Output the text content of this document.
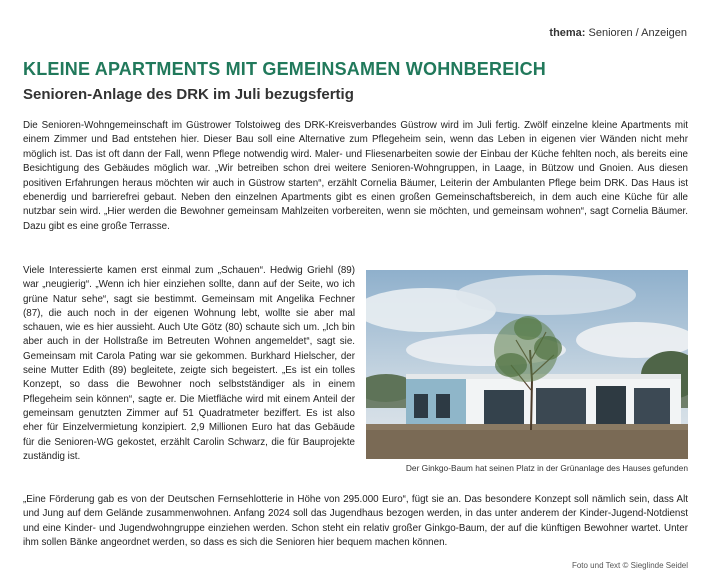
thema: Senioren / Anzeigen
KLEINE APARTMENTS MIT GEMEINSAMEN WOHNBEREICH
Senioren-Anlage des DRK im Juli bezugsfertig

Die Senioren-Wohngemeinschaft im Güstrower Tolstoiweg des DRK-Kreisverbandes Güstrow wird im Juli fertig. Zwölf einzelne kleine Apartments mit einem Zimmer und Bad entstehen hier. Dieser Bau soll eine Alternative zum Pflegeheim sein, wenn das Leben in eigenen vier Wänden nicht mehr möglich ist. Das ist oft dann der Fall, wenn Pflege notwendig wird. Maler- und Fliesenarbeiten sowie der Einbau der Küche fehlten noch, als bereits eine Besichtigung des Gebäudes möglich war. „Wir betreiben schon drei weitere Senioren-Wohngruppen, in Laage, in Bützow und Gnoien. Aus diesen positiven Erfahrungen heraus möchten wir auch in Güstrow starten“, erzählt Cornelia Bäumer, Leiterin der Ambulanten Pflege beim DRK. Das Haus ist ebenerdig und barrierefrei gebaut. Neben den einzelnen Apartments gibt es einen großen Gemeinschaftsbereich, in dem auch eine Küche für alle nutzbar sein wird. „Hier werden die Bewohner gemeinsam Mahlzeiten vorbereiten, wenn sie möchten, und gemeinsam wohnen“, sagt Cornelia Bäumer. Dazu gibt es eine große Terrasse.

Viele Interessierte kamen erst einmal zum „Schauen“. Hedwig Griehl (89) war „neugierig“. „Wenn ich hier einziehen sollte, dann auf der Seite, wo ich grüne Natur sehe“, sagt sie bestimmt. Gemeinsam mit Angelika Fechner (87), die auch noch in der eigenen Wohnung lebt, wollte sie aber mal schauen, wie es hier aussieht. Auch Ute Götz (80) schaute sich um. „Ich bin aber auch in der Hollstraße im Betreuten Wohnen angemeldet“, sagt sie. Gemeinsam mit Carola Pating war sie gekommen. Burkhard Hielscher, der seine Mutter Edith (89) begleitete, zeigte sich begeistert. „Es ist ein tolles Konzept, so dass die Bewohner noch selbstständiger als in einem Pflegeheim sein können“, sagte er. Die Mietfläche wird mit einem Anteil der gemeinsam genutzten Zimmer auf 51 Quadratmeter beziffert. Es ist also eher für Einzelvermietung konzipiert. 2,9 Millionen Euro hat das Gebäude für die Senioren-WG gekostet, erzählt Carolin Schwarz, die für Bauprojekte zuständig ist.

Der Ginkgo-Baum hat seinen Platz in der Grünanlage des Hauses gefunden

„Eine Förderung gab es von der Deutschen Fernsehlotterie in Höhe von 295.000 Euro“, fügt sie an. Das besondere Konzept soll nämlich sein, dass Alt und Jung auf dem Gelände zusammenwohnen. Anfang 2024 soll das Jugendhaus bezogen werden, in das unter anderem der Kinder-Jugend-Notdienst und eine Kinder- und Jugendwohngruppe einziehen werden. Schon steht ein relativ großer Ginkgo-Baum, der auf die künftigen Bewohner wartet. Unter ihm sollen Bänke angeordnet werden, so dass es sich die Senioren hier bequem machen können.

Foto und Text © Sieglinde Seidel
